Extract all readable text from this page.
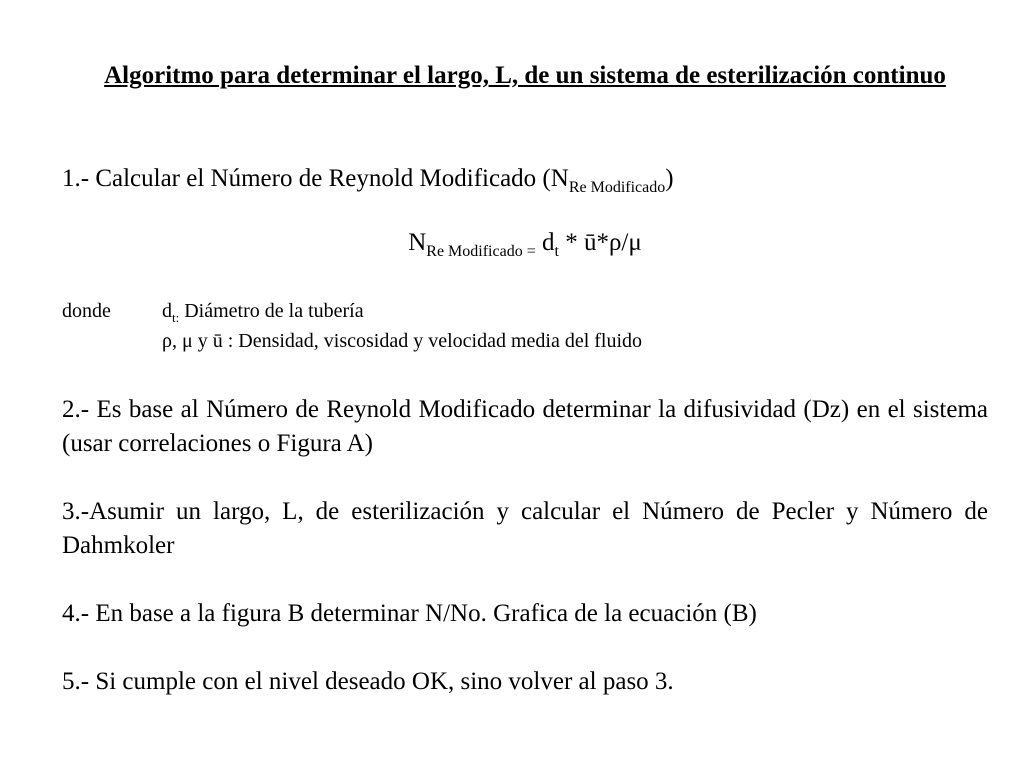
Algoritmo para determinar el largo, L, de un sistema de esterilización continuo
1.- Calcular el Número de Reynold Modificado $(N_{Re Modificado})$
$N_{Re Modificado =}$ $d_t$ * ū*ρ/μ
donde	$d_{t:}$ Diámetro de la tubería
ρ, μ y ū : Densidad, viscosidad y velocidad media del fluido
2.- Es base al Número de Reynold Modificado determinar la difusividad (Dz) en el sistema (usar correlaciones o Figura A)
3.-Asumir un largo, L, de esterilización y calcular el Número de Pecler y Número de Dahmkoler
4.- En base a la figura B determinar N/No. Grafica de la ecuación (B)
5.- Si cumple con el nivel deseado OK, sino volver al paso 3.
